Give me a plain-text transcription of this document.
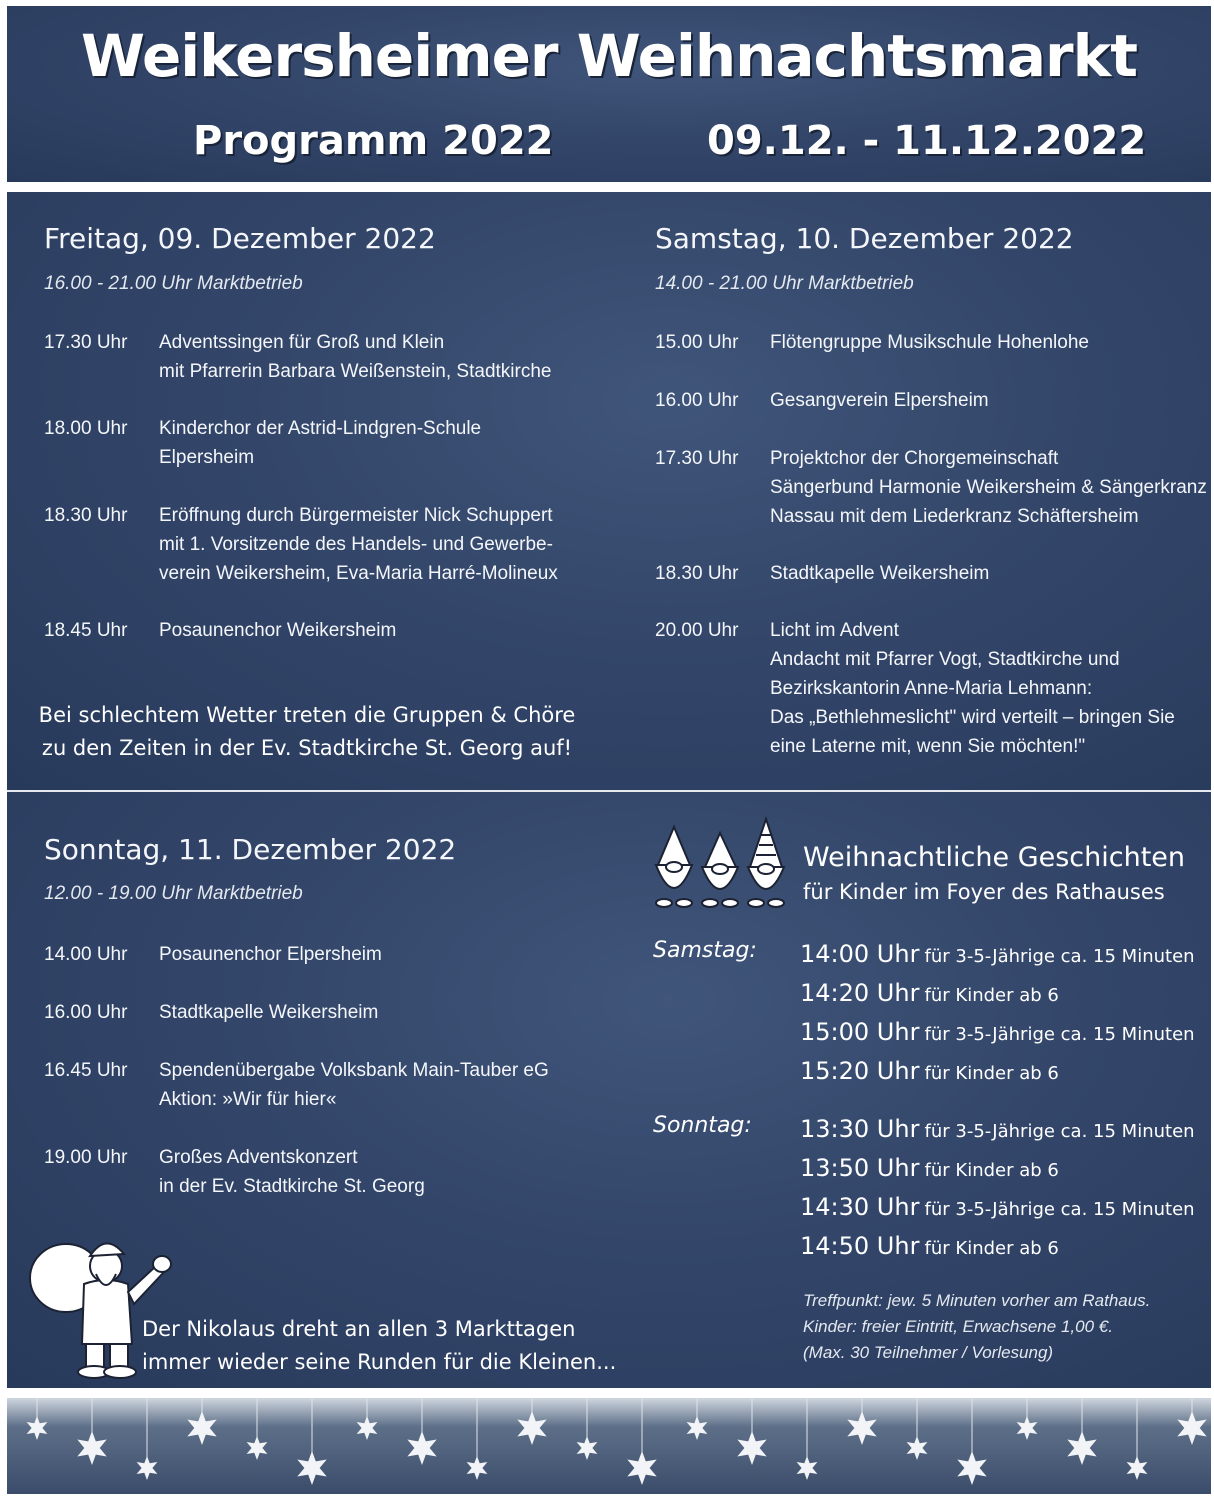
Weikersheimer Weihnachtsmarkt
Programm 2022	09.12. - 11.12.2022
Freitag, 09. Dezember 2022
16.00 - 21.00 Uhr Marktbetrieb
17.30 Uhr Adventssingen für Groß und Klein
mit Pfarrerin Barbara Weißenstein, Stadtkirche
18.00 Uhr Kinderchor der Astrid-Lindgren-Schule
Elpersheim
18.30 Uhr Eröffnung durch Bürgermeister Nick Schuppert
mit 1. Vorsitzende des Handels- und Gewerbe-
verein Weikersheim, Eva-Maria Harré-Molineux
18.45 Uhr Posaunenchor Weikersheim
Bei schlechtem Wetter treten die Gruppen & Chöre
zu den Zeiten in der Ev. Stadtkirche St. Georg auf!
Samstag, 10. Dezember 2022
14.00 - 21.00 Uhr Marktbetrieb
15.00 Uhr Flötengruppe Musikschule Hohenlohe
16.00 Uhr Gesangverein Elpersheim
17.30 Uhr Projektchor der Chorgemeinschaft
Sängerbund Harmonie Weikersheim & Sängerkranz
Nassau mit dem Liederkranz Schäftersheim
18.30 Uhr Stadtkapelle Weikersheim
20.00 Uhr Licht im Advent
Andacht mit Pfarrer Vogt, Stadtkirche und
Bezirkskantorin Anne-Maria Lehmann:
Das „Bethlehmeslicht" wird verteilt – bringen Sie
eine Laterne mit, wenn Sie möchten!"
Sonntag, 11. Dezember 2022
12.00 - 19.00 Uhr Marktbetrieb
14.00 Uhr Posaunenchor Elpersheim
16.00 Uhr Stadtkapelle Weikersheim
16.45 Uhr Spendenübergabe Volksbank Main-Tauber eG
Aktion: »Wir für hier«
19.00 Uhr Großes Adventskonzert
in der Ev. Stadtkirche St. Georg
Der Nikolaus dreht an allen 3 Markttagen
immer wieder seine Runden für die Kleinen...
Weihnachtliche Geschichten
für Kinder im Foyer des Rathauses
Samstag: 14:00 Uhr für 3-5-Jährige ca. 15 Minuten
14:20 Uhr für Kinder ab 6
15:00 Uhr für 3-5-Jährige ca. 15 Minuten
15:20 Uhr für Kinder ab 6
Sonntag: 13:30 Uhr für 3-5-Jährige ca. 15 Minuten
13:50 Uhr für Kinder ab 6
14:30 Uhr für 3-5-Jährige ca. 15 Minuten
14:50 Uhr für Kinder ab 6
Treffpunkt: jew. 5 Minuten vorher am Rathaus.
Kinder: freier Eintritt, Erwachsene 1,00 €.
(Max. 30 Teilnehmer / Vorlesung)
